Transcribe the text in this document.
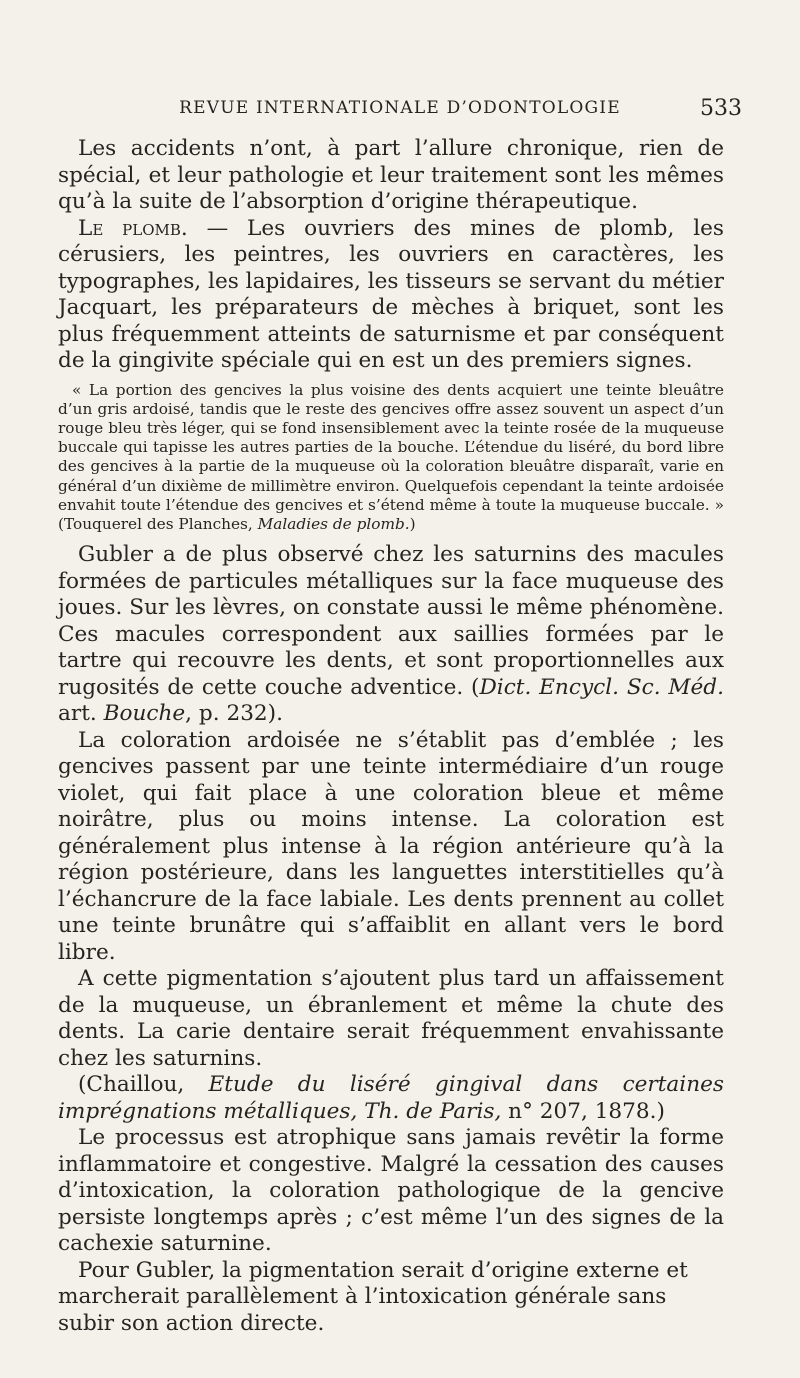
REVUE INTERNATIONALE D’ODONTOLOGIE	533

Les accidents n’ont, à part l’allure chronique, rien de spécial, et leur pathologie et leur traitement sont les mêmes qu’à la suite de l’absorption d’origine thérapeutique.

Le plomb. — Les ouvriers des mines de plomb, les cérusiers, les peintres, les ouvriers en caractères, les typographes, les lapidaires, les tisseurs se servant du métier Jacquart, les préparateurs de mèches à briquet, sont les plus fréquemment atteints de saturnisme et par conséquent de la gingivite spéciale qui en est un des premiers signes.

« La portion des gencives la plus voisine des dents acquiert une teinte bleuâtre d’un gris ardoisé, tandis que le reste des gencives offre assez souvent un aspect d’un rouge bleu très léger, qui se fond insensiblement avec la teinte rosée de la muqueuse buccale qui tapisse les autres parties de la bouche. L’étendue du liséré, du bord libre des gencives à la partie de la muqueuse où la coloration bleuâtre disparaît, varie en général d’un dixième de millimètre environ. Quelquefois cependant la teinte ardoisée envahit toute l’étendue des gencives et s’étend même à toute la muqueuse buccale. » (Touquerel des Planches, Maladies de plomb.)

Gubler a de plus observé chez les saturnins des macules formées de particules métalliques sur la face muqueuse des joues. Sur les lèvres, on constate aussi le même phénomène. Ces macules correspondent aux saillies formées par le tartre qui recouvre les dents, et sont proportionnelles aux rugosités de cette couche adventice. (Dict. Encycl. Sc. Méd. art. Bouche, p. 232).

La coloration ardoisée ne s’établit pas d’emblée ; les gencives passent par une teinte intermédiaire d’un rouge violet, qui fait place à une coloration bleue et même noirâtre, plus ou moins intense. La coloration est généralement plus intense à la région antérieure qu’à la région postérieure, dans les languettes interstitielles qu’à l’échancrure de la face labiale. Les dents prennent au collet une teinte brunâtre qui s’affaiblit en allant vers le bord libre.

A cette pigmentation s’ajoutent plus tard un affaissement de la muqueuse, un ébranlement et même la chute des dents. La carie dentaire serait fréquemment envahissante chez les saturnins.

(Chaillou, Etude du liséré gingival dans certaines imprégnations métalliques, Th. de Paris, n° 207, 1878.)

Le processus est atrophique sans jamais revêtir la forme inflammatoire et congestive. Malgré la cessation des causes d’intoxication, la coloration pathologique de la gencive persiste longtemps après ; c’est même l’un des signes de la cachexie saturnine.

Pour Gubler, la pigmentation serait d’origine externe et marcherait parallèlement à l’intoxication générale sans subir son action directe.
